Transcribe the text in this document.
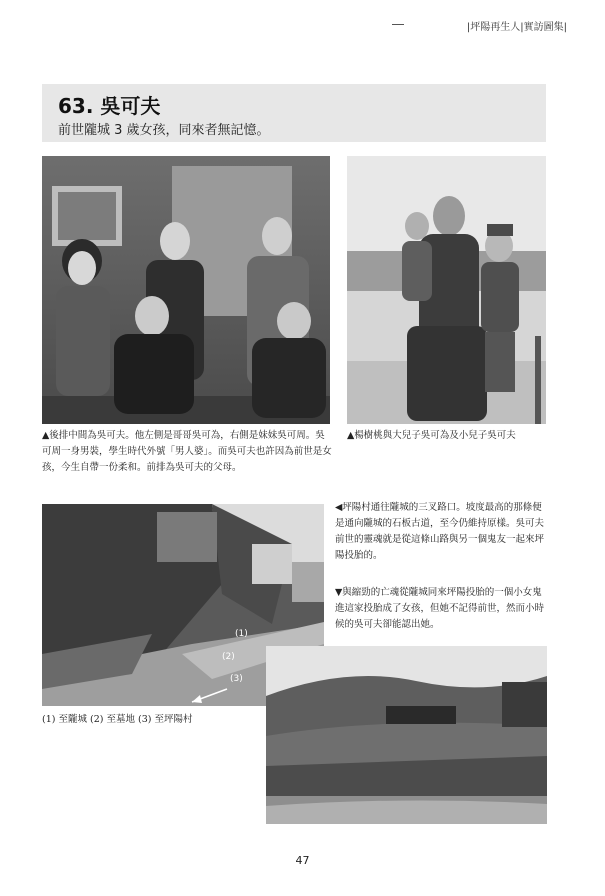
|坪陽再生人|實訪圖集|
63. 吳可夫
前世隴城 3 歲女孩，同來者無記憶。
▲後排中間為吳可夫。他左側是哥哥吳可為，右側是妹妹吳可周。吳可周一身男裝，學生時代外號「男人婆」。而吳可夫也許因為前世是女孩，今生自帶一份柔和。前排為吳可夫的父母。
▲楊樹桃與大兒子吳可為及小兒子吳可夫
(1)
(2)
(3)
(1) 至隴城 (2) 至墓地 (3) 至坪陽村
◀坪陽村通往隴城的三叉路口。坡度最高的那條便是通向隴城的石板古道，至今仍維持原樣。吳可夫前世的靈魂就是從這條山路與另一個鬼友一起來坪陽投胎的。
▼與縮勁的亡魂從隴城同來坪陽投胎的一個小女鬼進這家投胎成了女孩，但她不記得前世，然而小時候的吳可夫卻能認出她。
47
